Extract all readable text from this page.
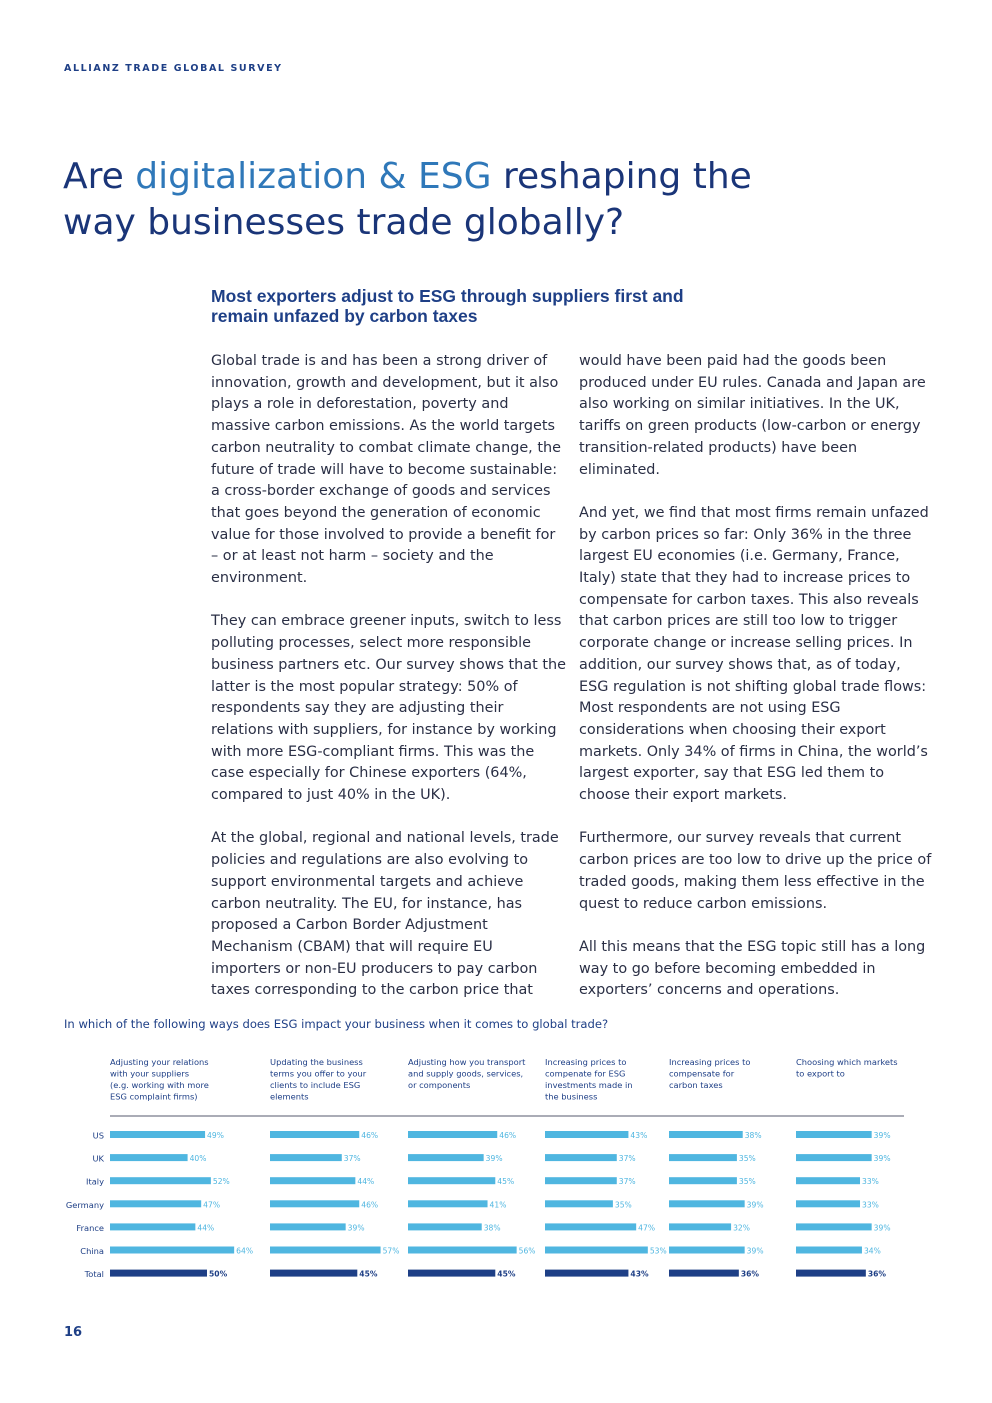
ALLIANZ TRADE GLOBAL SURVEY
Are digitalization & ESG reshaping the way businesses trade globally?
Most exporters adjust to ESG through suppliers first and remain unfazed by carbon taxes

Global trade is and has been a strong driver of innovation, growth and development, but it also plays a role in deforestation, poverty and massive carbon emissions. As the world targets carbon neutrality to combat climate change, the future of trade will have to become sustainable: a cross-border exchange of goods and services that goes beyond the generation of economic value for those involved to provide a benefit for – or at least not harm – society and the environment.

They can embrace greener inputs, switch to less polluting processes, select more responsible business partners etc. Our survey shows that the latter is the most popular strategy: 50% of respondents say they are adjusting their relations with suppliers, for instance by working with more ESG-compliant firms. This was the case especially for Chinese exporters (64%, compared to just 40% in the UK).

At the global, regional and national levels, trade policies and regulations are also evolving to support environmental targets and achieve carbon neutrality. The EU, for instance, has proposed a Carbon Border Adjustment Mechanism (CBAM) that will require EU importers or non-EU producers to pay carbon taxes corresponding to the carbon price that

would have been paid had the goods been produced under EU rules. Canada and Japan are also working on similar initiatives. In the UK, tariffs on green products (low-carbon or energy transition-related products) have been eliminated.

And yet, we find that most firms remain unfazed by carbon prices so far: Only 36% in the three largest EU economies (i.e. Germany, France, Italy) state that they had to increase prices to compensate for carbon taxes. This also reveals that carbon prices are still too low to trigger corporate change or increase selling prices. In addition, our survey shows that, as of today, ESG regulation is not shifting global trade flows: Most respondents are not using ESG considerations when choosing their export markets. Only 34% of firms in China, the world’s largest exporter, say that ESG led them to choose their export markets.

Furthermore, our survey reveals that current carbon prices are too low to drive up the price of traded goods, making them less effective in the quest to reduce carbon emissions.

All this means that the ESG topic still has a long way to go before becoming embedded in exporters’ concerns and operations.

In which of the following ways does ESG impact your business when it comes to global trade?
Adjusting your relations
with your suppliers
(e.g. working with more
ESG complaint firms)
Updating the business
terms you offer to your
clients to include ESG
elements
Adjusting how you transport
and supply goods, services,
or components
Increasing prices to
compenate for ESG
investments made in
the business
Increasing prices to
compensate for
carbon taxes
Choosing which markets
to export to
US
UK
Italy
Germany
France
China
Total
49%
40%
52%
47%
44%
64%
50%
46%
37%
44%
46%
39%
57%
45%
46%
39%
45%
41%
38%
56%
45%
43%
37%
37%
35%
47%
53%
43%
38%
35%
35%
39%
32%
39%
36%
39%
39%
33%
33%
39%
34%
36%
16
